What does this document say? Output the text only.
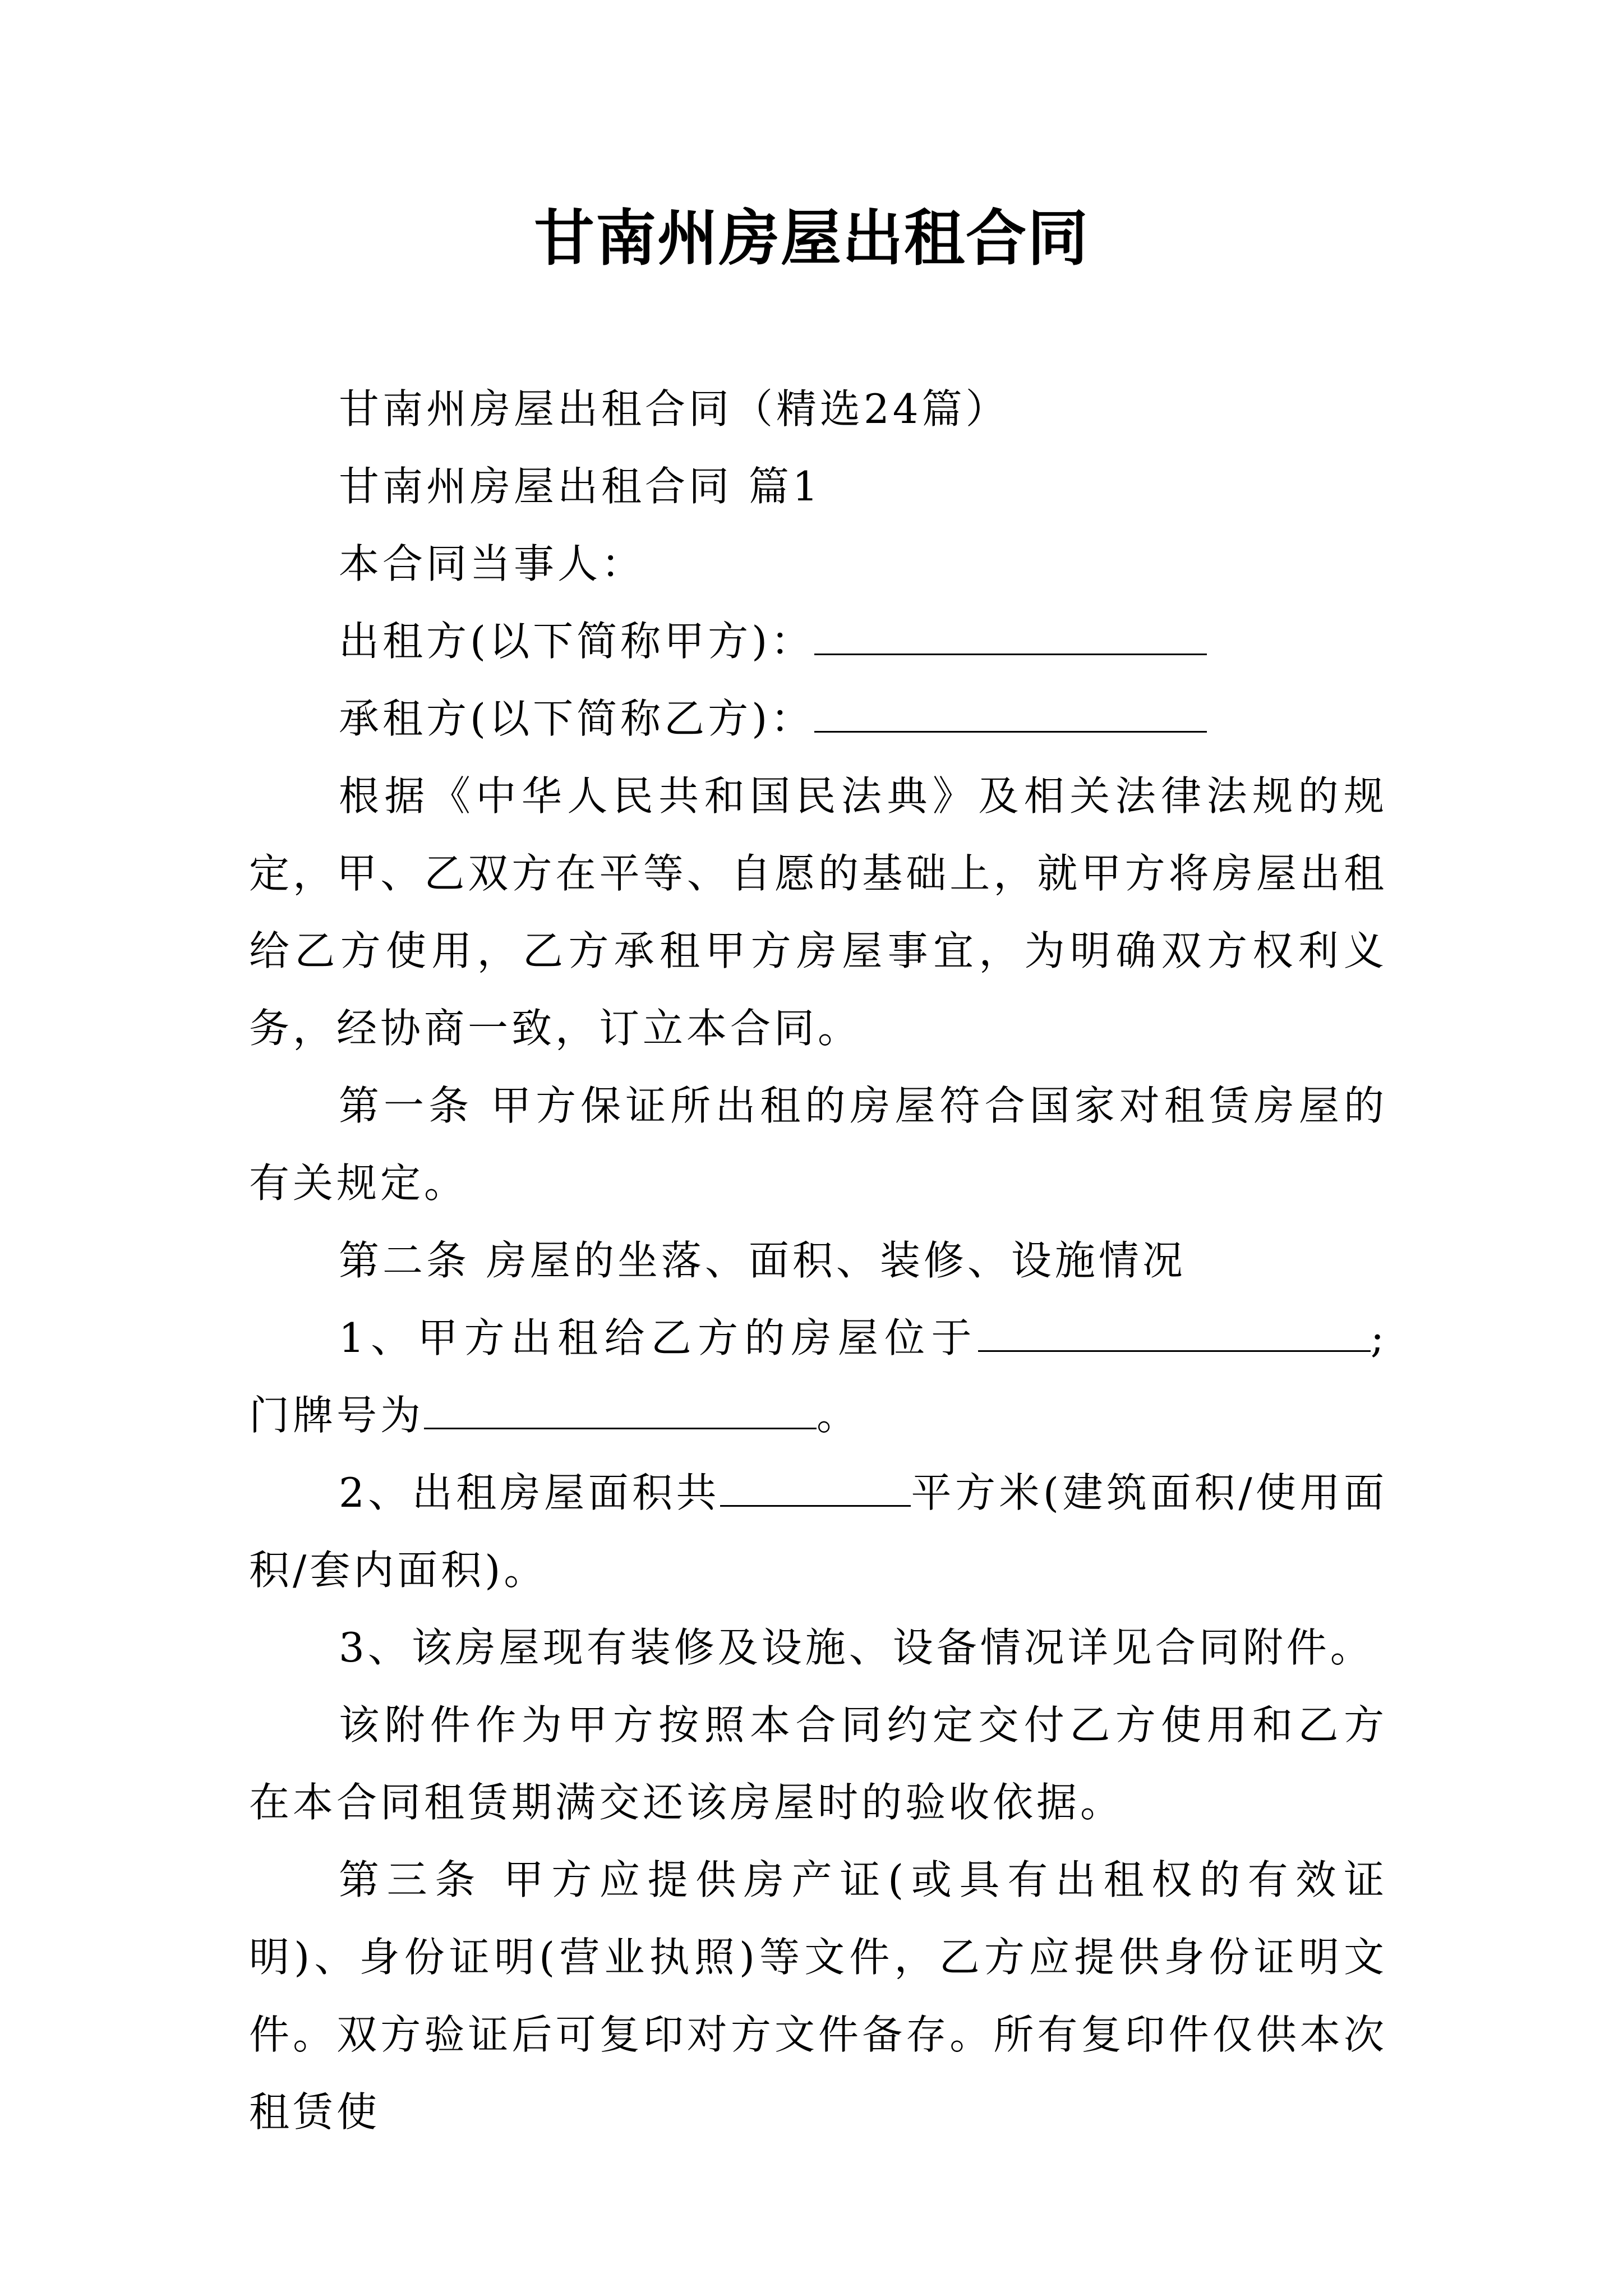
甘南州房屋出租合同

甘南州房屋出租合同（精选24篇）

甘南州房屋出租合同 篇1

本合同当事人：

出租方(以下简称甲方)：

承租方(以下简称乙方)：

根据《中华人民共和国民法典》及相关法律法规的规定，甲、乙双方在平等、自愿的基础上，就甲方将房屋出租给乙方使用，乙方承租甲方房屋事宜，为明确双方权利义务，经协商一致，订立本合同。

第一条 甲方保证所出租的房屋符合国家对租赁房屋的有关规定。

第二条 房屋的坐落、面积、装修、设施情况

1、甲方出租给乙方的房屋位于	;门牌号为	。

2、出租房屋面积共	平方米(建筑面积/使用面积/套内面积)。

3、该房屋现有装修及设施、设备情况详见合同附件。

该附件作为甲方按照本合同约定交付乙方使用和乙方在本合同租赁期满交还该房屋时的验收依据。

第三条 甲方应提供房产证(或具有出租权的有效证明)、身份证明(营业执照)等文件，乙方应提供身份证明文件。双方验证后可复印对方文件备存。所有复印件仅供本次租赁使
